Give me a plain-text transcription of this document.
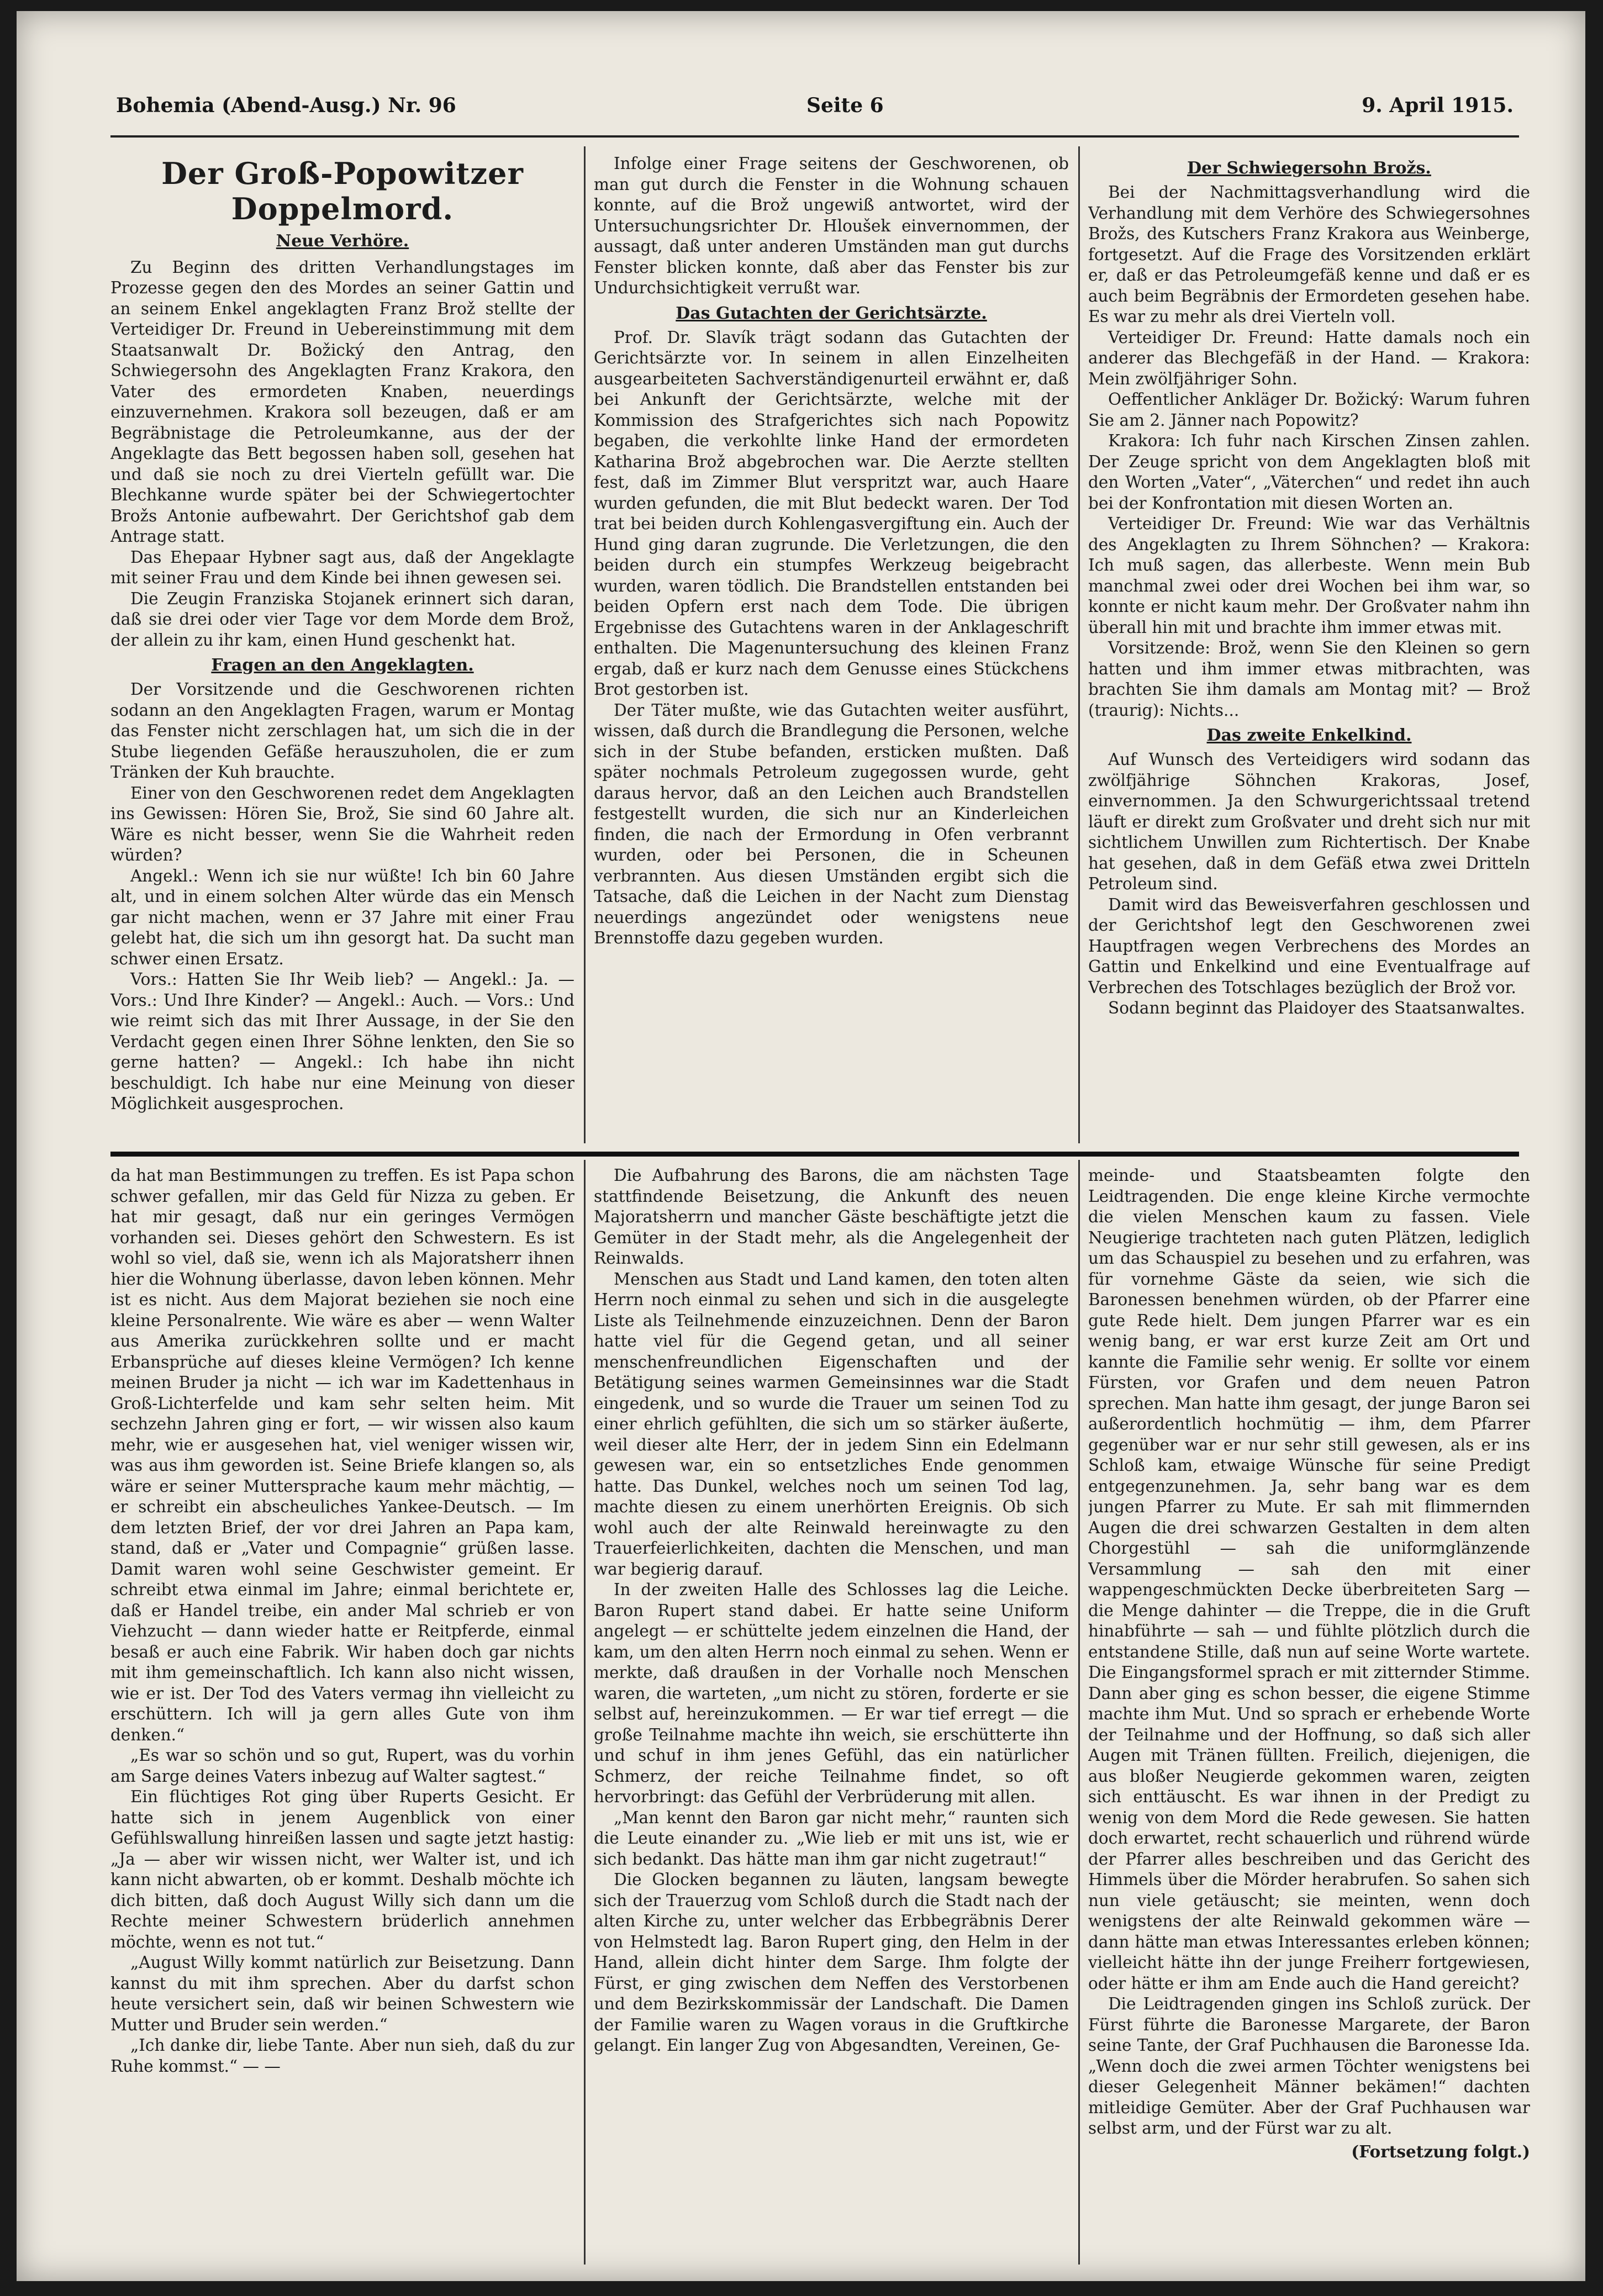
Bohemia (Abend-Ausg.) Nr. 96	Seite 6	9. April 1915.
Der Groß-Popowitzer Doppelmord.
Neue Verhöre.

Zu Beginn des dritten Verhandlungstages im Prozesse gegen den des Mordes an seiner Gattin und an seinem Enkel angeklagten Franz Brož stellte der Verteidiger Dr. Freund in Uebereinstimmung mit dem Staatsanwalt Dr. Božický den Antrag, den Schwiegersohn des Angeklagten Franz Krakora, den Vater des ermordeten Knaben, neuerdings einzuvernehmen. Krakora soll bezeugen, daß er am Begräbnistage die Petroleumkanne, aus der der Angeklagte das Bett begossen haben soll, gesehen hat und daß sie noch zu drei Vierteln gefüllt war. Die Blechkanne wurde später bei der Schwiegertochter Brožs Antonie aufbewahrt. Der Gerichtshof gab dem Antrage statt.

Das Ehepaar Hybner sagt aus, daß der Angeklagte mit seiner Frau und dem Kinde bei ihnen gewesen sei.

Die Zeugin Franziska Stojanek erinnert sich daran, daß sie drei oder vier Tage vor dem Morde dem Brož, der allein zu ihr kam, einen Hund geschenkt hat.

Fragen an den Angeklagten.

Der Vorsitzende und die Geschworenen richten sodann an den Angeklagten Fragen, warum er Montag das Fenster nicht zerschlagen hat, um sich die in der Stube liegenden Gefäße herauszuholen, die er zum Tränken der Kuh brauchte.

Einer von den Geschworenen redet dem Angeklagten ins Gewissen: Hören Sie, Brož, Sie sind 60 Jahre alt. Wäre es nicht besser, wenn Sie die Wahrheit reden würden?

Angekl.: Wenn ich sie nur wüßte! Ich bin 60 Jahre alt, und in einem solchen Alter würde das ein Mensch gar nicht machen, wenn er 37 Jahre mit einer Frau gelebt hat, die sich um ihn gesorgt hat. Da sucht man schwer einen Ersatz.

Vors.: Hatten Sie Ihr Weib lieb? — Angekl.: Ja. — Vors.: Und Ihre Kinder? — Angekl.: Auch. — Vors.: Und wie reimt sich das mit Ihrer Aussage, in der Sie den Verdacht gegen einen Ihrer Söhne lenkten, den Sie so gerne hatten? — Angekl.: Ich habe ihn nicht beschuldigt. Ich habe nur eine Meinung von dieser Möglichkeit ausgesprochen.

Infolge einer Frage seitens der Geschworenen, ob man gut durch die Fenster in die Wohnung schauen konnte, auf die Brož ungewiß antwortet, wird der Untersuchungsrichter Dr. Hloušek einvernommen, der aussagt, daß unter anderen Umständen man gut durchs Fenster blicken konnte, daß aber das Fenster bis zur Undurchsichtigkeit verrußt war.

Das Gutachten der Gerichtsärzte.

Prof. Dr. Slavík trägt sodann das Gutachten der Gerichtsärzte vor. In seinem in allen Einzelheiten ausgearbeiteten Sachverständigenurteil erwähnt er, daß bei Ankunft der Gerichtsärzte, welche mit der Kommission des Strafgerichtes sich nach Popowitz begaben, die verkohlte linke Hand der ermordeten Katharina Brož abgebrochen war. Die Aerzte stellten fest, daß im Zimmer Blut verspritzt war, auch Haare wurden gefunden, die mit Blut bedeckt waren. Der Tod trat bei beiden durch Kohlengasvergiftung ein. Auch der Hund ging daran zugrunde. Die Verletzungen, die den beiden durch ein stumpfes Werkzeug beigebracht wurden, waren tödlich. Die Brandstellen entstanden bei beiden Opfern erst nach dem Tode. Die übrigen Ergebnisse des Gutachtens waren in der Anklageschrift enthalten. Die Magenuntersuchung des kleinen Franz ergab, daß er kurz nach dem Genusse eines Stückchens Brot gestorben ist.

Der Täter mußte, wie das Gutachten weiter ausführt, wissen, daß durch die Brandlegung die Personen, welche sich in der Stube befanden, ersticken mußten. Daß später nochmals Petroleum zugegossen wurde, geht daraus hervor, daß an den Leichen auch Brandstellen festgestellt wurden, die sich nur an Kinderleichen finden, die nach der Ermordung in Ofen verbrannt wurden, oder bei Personen, die in Scheunen verbrannten. Aus diesen Umständen ergibt sich die Tatsache, daß die Leichen in der Nacht zum Dienstag neuerdings angezündet oder wenigstens neue Brennstoffe dazu gegeben wurden.

Der Schwiegersohn Brožs.

Bei der Nachmittagsverhandlung wird die Verhandlung mit dem Verhöre des Schwiegersohnes Brožs, des Kutschers Franz Krakora aus Weinberge, fortgesetzt. Auf die Frage des Vorsitzenden erklärt er, daß er das Petroleumgefäß kenne und daß er es auch beim Begräbnis der Ermordeten gesehen habe. Es war zu mehr als drei Vierteln voll.

Verteidiger Dr. Freund: Hatte damals noch ein anderer das Blechgefäß in der Hand. — Krakora: Mein zwölfjähriger Sohn.

Oeffentlicher Ankläger Dr. Božický: Warum fuhren Sie am 2. Jänner nach Popowitz?

Krakora: Ich fuhr nach Kirschen Zinsen zahlen. Der Zeuge spricht von dem Angeklagten bloß mit den Worten „Vater“, „Väterchen“ und redet ihn auch bei der Konfrontation mit diesen Worten an.

Verteidiger Dr. Freund: Wie war das Verhältnis des Angeklagten zu Ihrem Söhnchen? — Krakora: Ich muß sagen, das allerbeste. Wenn mein Bub manchmal zwei oder drei Wochen bei ihm war, so konnte er nicht kaum mehr. Der Großvater nahm ihn überall hin mit und brachte ihm immer etwas mit.

Vorsitzende: Brož, wenn Sie den Kleinen so gern hatten und ihm immer etwas mitbrachten, was brachten Sie ihm damals am Montag mit? — Brož (traurig): Nichts...

Das zweite Enkelkind.

Auf Wunsch des Verteidigers wird sodann das zwölfjährige Söhnchen Krakoras, Josef, einvernommen. Ja den Schwurgerichtssaal tretend läuft er direkt zum Großvater und dreht sich nur mit sichtlichem Unwillen zum Richtertisch. Der Knabe hat gesehen, daß in dem Gefäß etwa zwei Dritteln Petroleum sind.

Damit wird das Beweisverfahren geschlossen und der Gerichtshof legt den Geschworenen zwei Hauptfragen wegen Verbrechens des Mordes an Gattin und Enkelkind und eine Eventualfrage auf Verbrechen des Totschlages bezüglich der Brož vor.

Sodann beginnt das Plaidoyer des Staatsanwaltes.

da hat man Bestimmungen zu treffen. Es ist Papa schon schwer gefallen, mir das Geld für Nizza zu geben. Er hat mir gesagt, daß nur ein geringes Vermögen vorhanden sei. Dieses gehört den Schwestern. Es ist wohl so viel, daß sie, wenn ich als Majoratsherr ihnen hier die Wohnung überlasse, davon leben können. Mehr ist es nicht. Aus dem Majorat beziehen sie noch eine kleine Personalrente. Wie wäre es aber — wenn Walter aus Amerika zurückkehren sollte und er macht Erbansprüche auf dieses kleine Vermögen? Ich kenne meinen Bruder ja nicht — ich war im Kadettenhaus in Groß-Lichterfelde und kam sehr selten heim. Mit sechzehn Jahren ging er fort, — wir wissen also kaum mehr, wie er ausgesehen hat, viel weniger wissen wir, was aus ihm geworden ist. Seine Briefe klangen so, als wäre er seiner Muttersprache kaum mehr mächtig, — er schreibt ein abscheuliches Yankee-Deutsch. — Im dem letzten Brief, der vor drei Jahren an Papa kam, stand, daß er „Vater und Compagnie“ grüßen lasse. Damit waren wohl seine Geschwister gemeint. Er schreibt etwa einmal im Jahre; einmal berichtete er, daß er Handel treibe, ein ander Mal schrieb er von Viehzucht — dann wieder hatte er Reitpferde, einmal besaß er auch eine Fabrik. Wir haben doch gar nichts mit ihm gemeinschaftlich. Ich kann also nicht wissen, wie er ist. Der Tod des Vaters vermag ihn vielleicht zu erschüttern. Ich will ja gern alles Gute von ihm denken.“

„Es war so schön und so gut, Rupert, was du vorhin am Sarge deines Vaters inbezug auf Walter sagtest.“

Ein flüchtiges Rot ging über Ruperts Gesicht. Er hatte sich in jenem Augenblick von einer Gefühlswallung hinreißen lassen und sagte jetzt hastig: „Ja — aber wir wissen nicht, wer Walter ist, und ich kann nicht abwarten, ob er kommt. Deshalb möchte ich dich bitten, daß doch August Willy sich dann um die Rechte meiner Schwestern brüderlich annehmen möchte, wenn es not tut.“

„August Willy kommt natürlich zur Beisetzung. Dann kannst du mit ihm sprechen. Aber du darfst schon heute versichert sein, daß wir beinen Schwestern wie Mutter und Bruder sein werden.“

„Ich danke dir, liebe Tante. Aber nun sieh, daß du zur Ruhe kommst.“ — —

Die Aufbahrung des Barons, die am nächsten Tage stattfindende Beisetzung, die Ankunft des neuen Majoratsherrn und mancher Gäste beschäftigte jetzt die Gemüter in der Stadt mehr, als die Angelegenheit der Reinwalds.

Menschen aus Stadt und Land kamen, den toten alten Herrn noch einmal zu sehen und sich in die ausgelegte Liste als Teilnehmende einzuzeichnen. Denn der Baron hatte viel für die Gegend getan, und all seiner menschenfreundlichen Eigenschaften und der Betätigung seines warmen Gemeinsinnes war die Stadt eingedenk, und so wurde die Trauer um seinen Tod zu einer ehrlich gefühlten, die sich um so stärker äußerte, weil dieser alte Herr, der in jedem Sinn ein Edelmann gewesen war, ein so entsetzliches Ende genommen hatte. Das Dunkel, welches noch um seinen Tod lag, machte diesen zu einem unerhörten Ereignis. Ob sich wohl auch der alte Reinwald hereinwagte zu den Trauerfeierlichkeiten, dachten die Menschen, und man war begierig darauf.

In der zweiten Halle des Schlosses lag die Leiche. Baron Rupert stand dabei. Er hatte seine Uniform angelegt — er schüttelte jedem einzelnen die Hand, der kam, um den alten Herrn noch einmal zu sehen. Wenn er merkte, daß draußen in der Vorhalle noch Menschen waren, die warteten, „um nicht zu stören, forderte er sie selbst auf, hereinzukommen. — Er war tief erregt — die große Teilnahme machte ihn weich, sie erschütterte ihn und schuf in ihm jenes Gefühl, das ein natürlicher Schmerz, der reiche Teilnahme findet, so oft hervorbringt: das Gefühl der Verbrüderung mit allen.

„Man kennt den Baron gar nicht mehr,“ raunten sich die Leute einander zu. „Wie lieb er mit uns ist, wie er sich bedankt. Das hätte man ihm gar nicht zugetraut!“

Die Glocken begannen zu läuten, langsam bewegte sich der Trauerzug vom Schloß durch die Stadt nach der alten Kirche zu, unter welcher das Erbbegräbnis Derer von Helmstedt lag. Baron Rupert ging, den Helm in der Hand, allein dicht hinter dem Sarge. Ihm folgte der Fürst, er ging zwischen dem Neffen des Verstorbenen und dem Bezirkskommissär der Landschaft. Die Damen der Familie waren zu Wagen voraus in die Gruftkirche gelangt. Ein langer Zug von Abgesandten, Vereinen, Ge-

meinde- und Staatsbeamten folgte den Leidtragenden. Die enge kleine Kirche vermochte die vielen Menschen kaum zu fassen. Viele Neugierige trachteten nach guten Plätzen, lediglich um das Schauspiel zu besehen und zu erfahren, was für vornehme Gäste da seien, wie sich die Baronessen benehmen würden, ob der Pfarrer eine gute Rede hielt. Dem jungen Pfarrer war es ein wenig bang, er war erst kurze Zeit am Ort und kannte die Familie sehr wenig. Er sollte vor einem Fürsten, vor Grafen und dem neuen Patron sprechen. Man hatte ihm gesagt, der junge Baron sei außerordentlich hochmütig — ihm, dem Pfarrer gegenüber war er nur sehr still gewesen, als er ins Schloß kam, etwaige Wünsche für seine Predigt entgegenzunehmen. Ja, sehr bang war es dem jungen Pfarrer zu Mute. Er sah mit flimmernden Augen die drei schwarzen Gestalten in dem alten Chorgestühl — sah die uniformglänzende Versammlung — sah den mit einer wappengeschmückten Decke überbreiteten Sarg — die Menge dahinter — die Treppe, die in die Gruft hinabführte — sah — und fühlte plötzlich durch die entstandene Stille, daß nun auf seine Worte wartete. Die Eingangsformel sprach er mit zitternder Stimme. Dann aber ging es schon besser, die eigene Stimme machte ihm Mut. Und so sprach er erhebende Worte der Teilnahme und der Hoffnung, so daß sich aller Augen mit Tränen füllten. Freilich, diejenigen, die aus bloßer Neugierde gekommen waren, zeigten sich enttäuscht. Es war ihnen in der Predigt zu wenig von dem Mord die Rede gewesen. Sie hatten doch erwartet, recht schauerlich und rührend würde der Pfarrer alles beschreiben und das Gericht des Himmels über die Mörder herabrufen. So sahen sich nun viele getäuscht; sie meinten, wenn doch wenigstens der alte Reinwald gekommen wäre — dann hätte man etwas Interessantes erleben können; vielleicht hätte ihn der junge Freiherr fortgewiesen, oder hätte er ihm am Ende auch die Hand gereicht?

Die Leidtragenden gingen ins Schloß zurück. Der Fürst führte die Baronesse Margarete, der Baron seine Tante, der Graf Puchhausen die Baronesse Ida. „Wenn doch die zwei armen Töchter wenigstens bei dieser Gelegenheit Männer bekämen!“ dachten mitleidige Gemüter. Aber der Graf Puchhausen war selbst arm, und der Fürst war zu alt.

(Fortsetzung folgt.)
